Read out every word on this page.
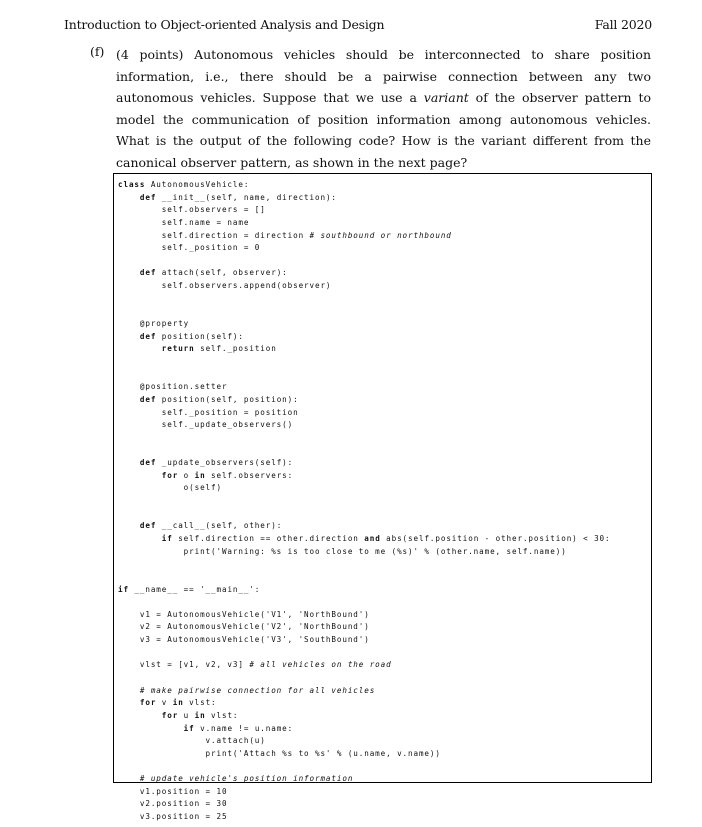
Introduction to Object-oriented Analysis and Design	Fall 2020
(f) (4 points) Autonomous vehicles should be interconnected to share position information, i.e., there should be a pairwise connection between any two autonomous vehicles. Suppose that we use a variant of the observer pattern to model the communication of position information among autonomous vehicles. What is the output of the following code? How is the variant different from the canonical observer pattern, as shown in the next page?
class AutonomousVehicle:
def __init__(self, name, direction):
self.observers = []
self.name = name
self.direction = direction # southbound or northbound
self._position = 0
def attach(self, observer):
self.observers.append(observer)
@property
def position(self):
return self._position
@position.setter
def position(self, position):
self._position = position
self._update_observers()
def _update_observers(self):
for o in self.observers:
o(self)
def __call__(self, other):
if self.direction == other.direction and abs(self.position - other.position) < 30:
print('Warning: %s is too close to me (%s)' % (other.name, self.name))
if __name__ == '__main__':
v1 = AutonomousVehicle('V1', 'NorthBound')
v2 = AutonomousVehicle('V2', 'NorthBound')
v3 = AutonomousVehicle('V3', 'SouthBound')
vlst = [v1, v2, v3] # all vehicles on the road
# make pairwise connection for all vehicles
for v in vlst:
for u in vlst:
if v.name != u.name:
v.attach(u)
print('Attach %s to %s' % (u.name, v.name))
# update vehicle's position information
v1.position = 10
v2.position = 30
v3.position = 25
